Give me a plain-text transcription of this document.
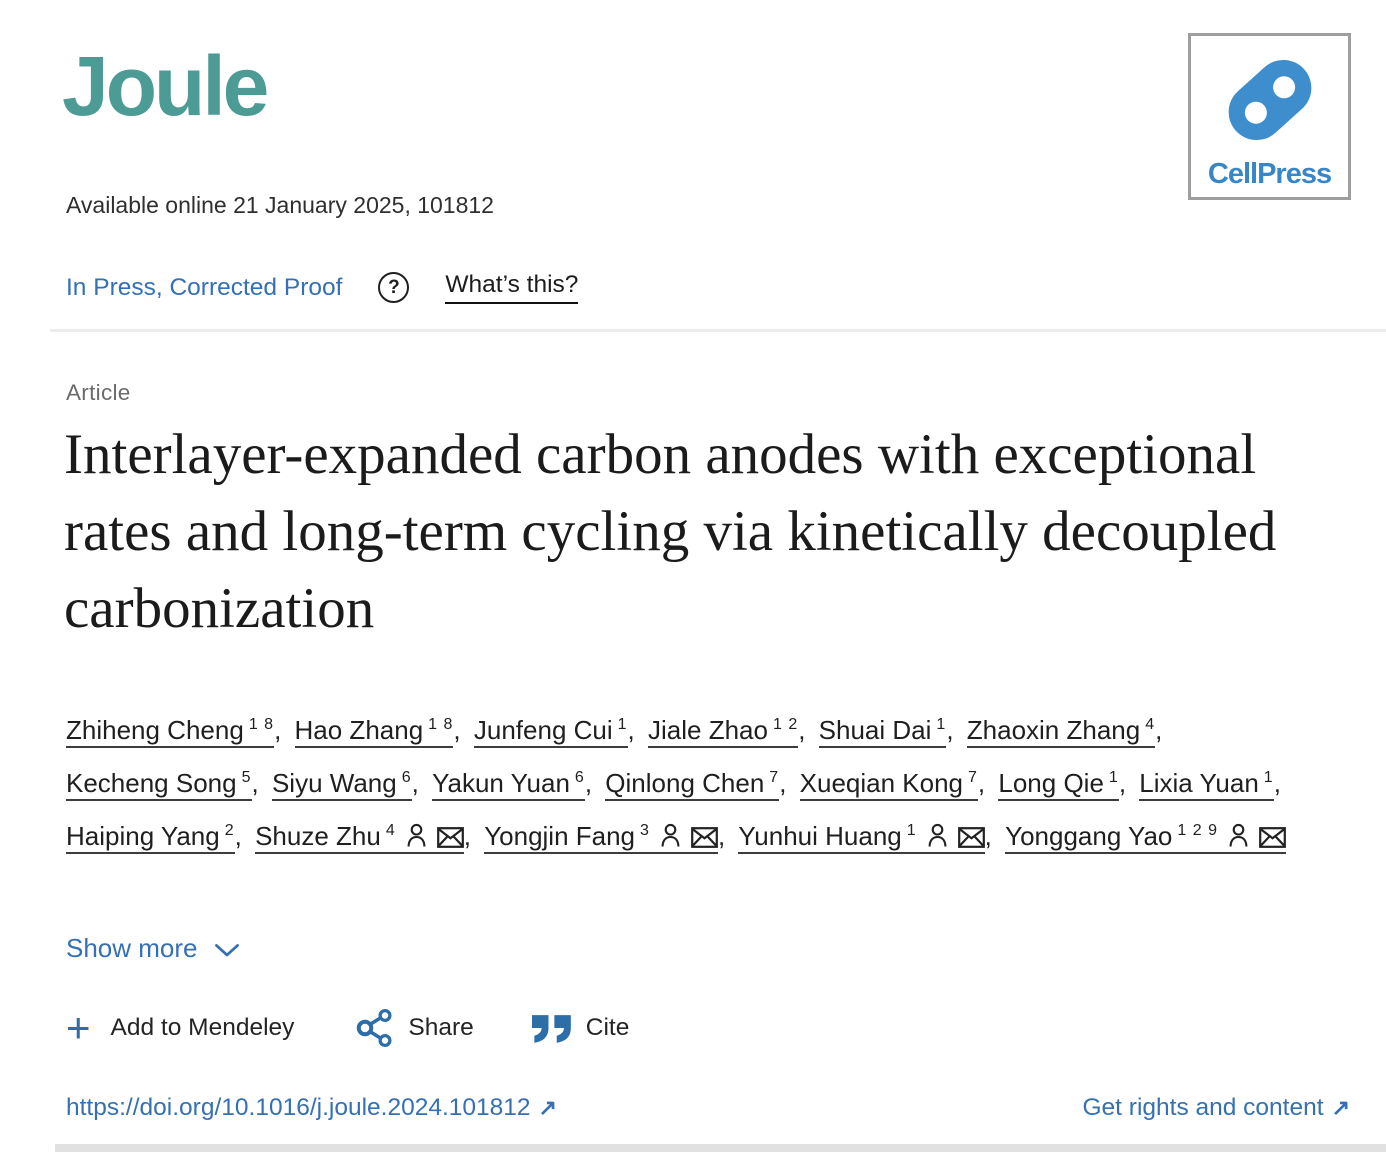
Joule
CellPress
Available online 21 January 2025, 101812
In Press, Corrected Proof	?	What’s this?
Article
Interlayer-expanded carbon anodes with exceptional rates and long-term cycling via kinetically decoupled carbonization
Zhiheng Cheng $^{1 8}$, Hao Zhang $^{1 8}$, Junfeng Cui $^1$, Jiale Zhao $^{1 2}$, Shuai Dai $^1$, Zhaoxin Zhang $^4$, Kecheng Song $^5$, Siyu Wang $^6$, Yakun Yuan $^6$, Qinlong Chen $^7$, Xueqian Kong $^7$, Long Qie $^1$, Lixia Yuan $^1$, Haiping Yang $^2$, Shuze Zhu $^4$	, Yongjin Fang $^3$	, Yunhui Huang $^1$	, Yonggang Yao $^{1 2 9}$
Show more
+ Add to Mendeley	Share	Cite
https://doi.org/10.1016/j.joule.2024.101812 ↗	Get rights and content ↗
